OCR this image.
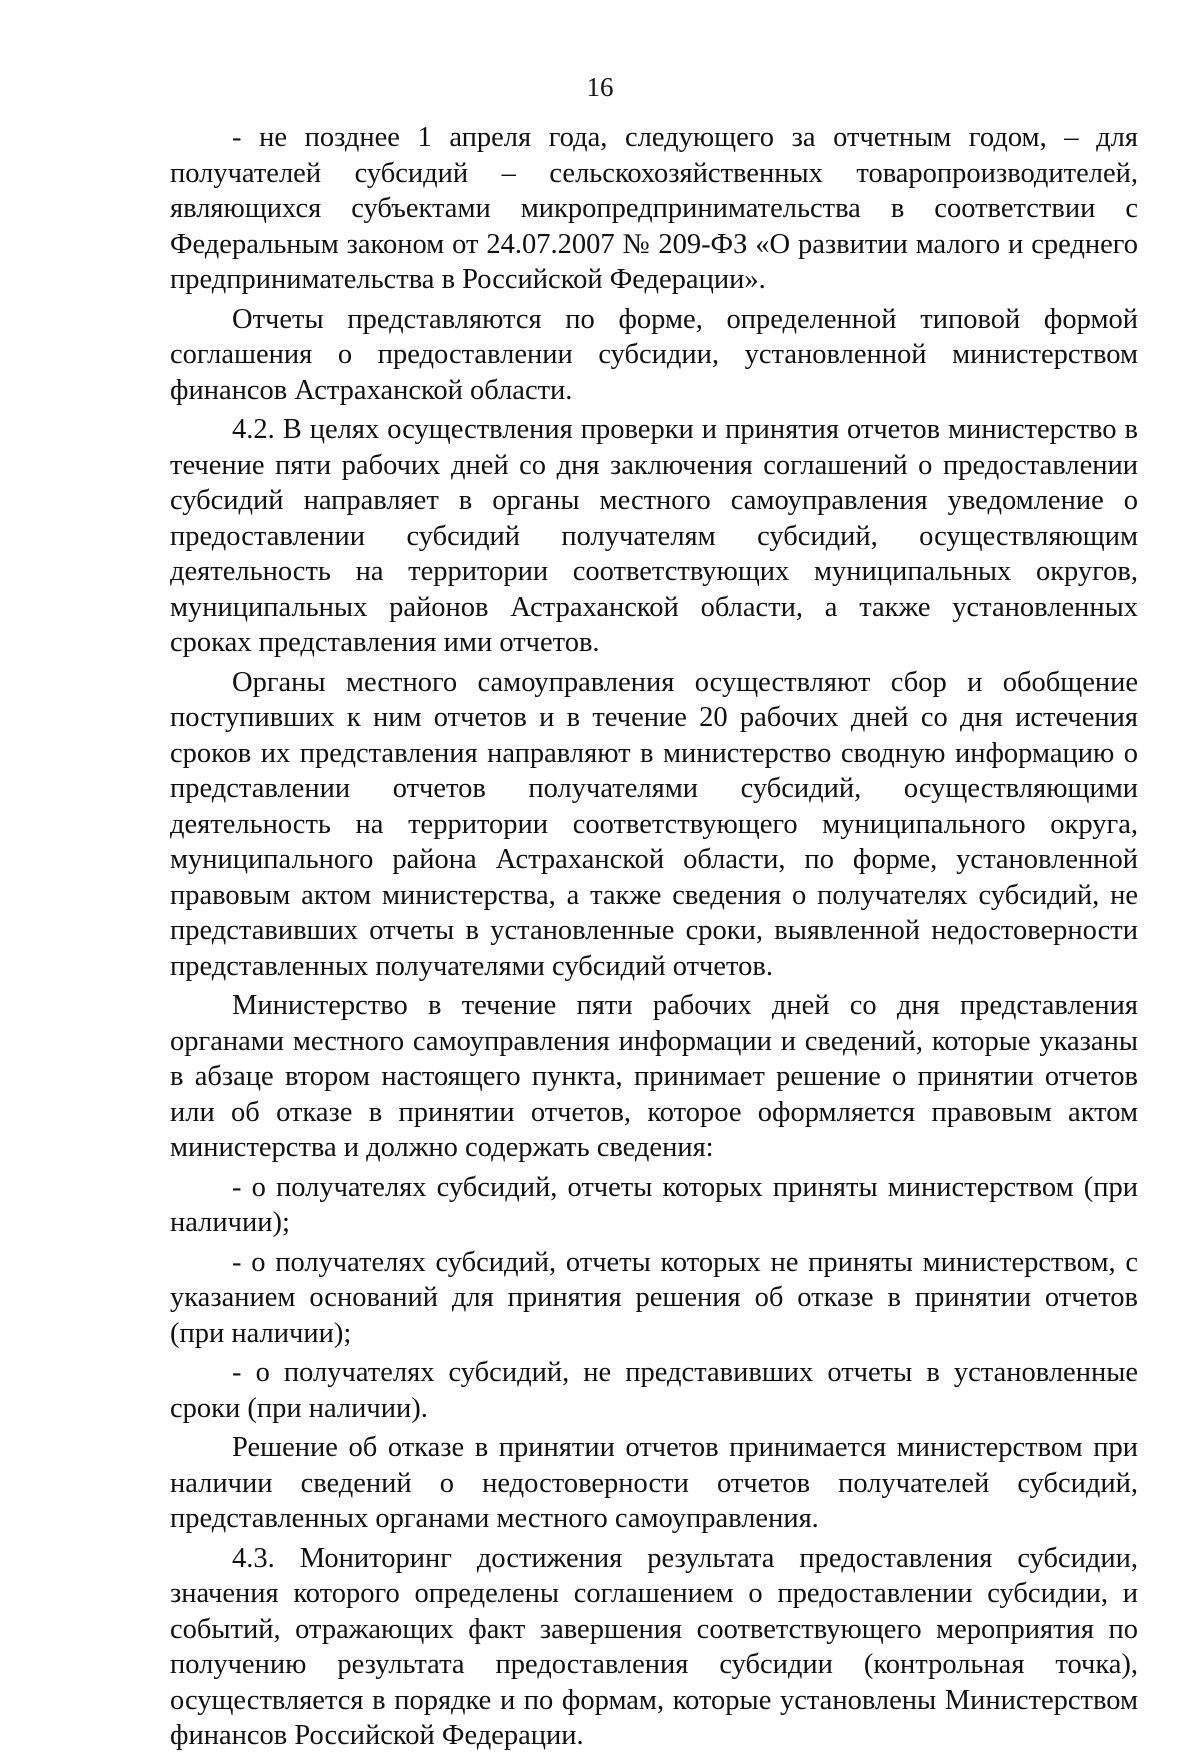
16

- не позднее 1 апреля года, следующего за отчетным годом, – для получателей субсидий – сельскохозяйственных товаропроизводителей, являющихся субъектами микропредпринимательства в соответствии с Федеральным законом от 24.07.2007 № 209-ФЗ «О развитии малого и среднего предпринимательства в Российской Федерации».

Отчеты представляются по форме, определенной типовой формой соглашения о предоставлении субсидии, установленной министерством финансов Астраханской области.

4.2. В целях осуществления проверки и принятия отчетов министерство в течение пяти рабочих дней со дня заключения соглашений о предоставлении субсидий направляет в органы местного самоуправления уведомление о предоставлении субсидий получателям субсидий, осуществляющим деятельность на территории соответствующих муниципальных округов, муниципальных районов Астраханской области, а также установленных сроках представления ими отчетов.

Органы местного самоуправления осуществляют сбор и обобщение поступивших к ним отчетов и в течение 20 рабочих дней со дня истечения сроков их представления направляют в министерство сводную информацию о представлении отчетов получателями субсидий, осуществляющими деятельность на территории соответствующего муниципального округа, муниципального района Астраханской области, по форме, установленной правовым актом министерства, а также сведения о получателях субсидий, не представивших отчеты в установленные сроки, выявленной недостоверности представленных получателями субсидий отчетов.

Министерство в течение пяти рабочих дней со дня представления органами местного самоуправления информации и сведений, которые указаны в абзаце втором настоящего пункта, принимает решение о принятии отчетов или об отказе в принятии отчетов, которое оформляется правовым актом министерства и должно содержать сведения:

- о получателях субсидий, отчеты которых приняты министерством (при наличии);

- о получателях субсидий, отчеты которых не приняты министерством, с указанием оснований для принятия решения об отказе в принятии отчетов (при наличии);

- о получателях субсидий, не представивших отчеты в установленные сроки (при наличии).

Решение об отказе в принятии отчетов принимается министерством при наличии сведений о недостоверности отчетов получателей субсидий, представленных органами местного самоуправления.

4.3. Мониторинг достижения результата предоставления субсидии, значения которого определены соглашением о предоставлении субсидии, и событий, отражающих факт завершения соответствующего мероприятия по получению результата предоставления субсидии (контрольная точка), осуществляется в порядке и по формам, которые установлены Министерством финансов Российской Федерации.
